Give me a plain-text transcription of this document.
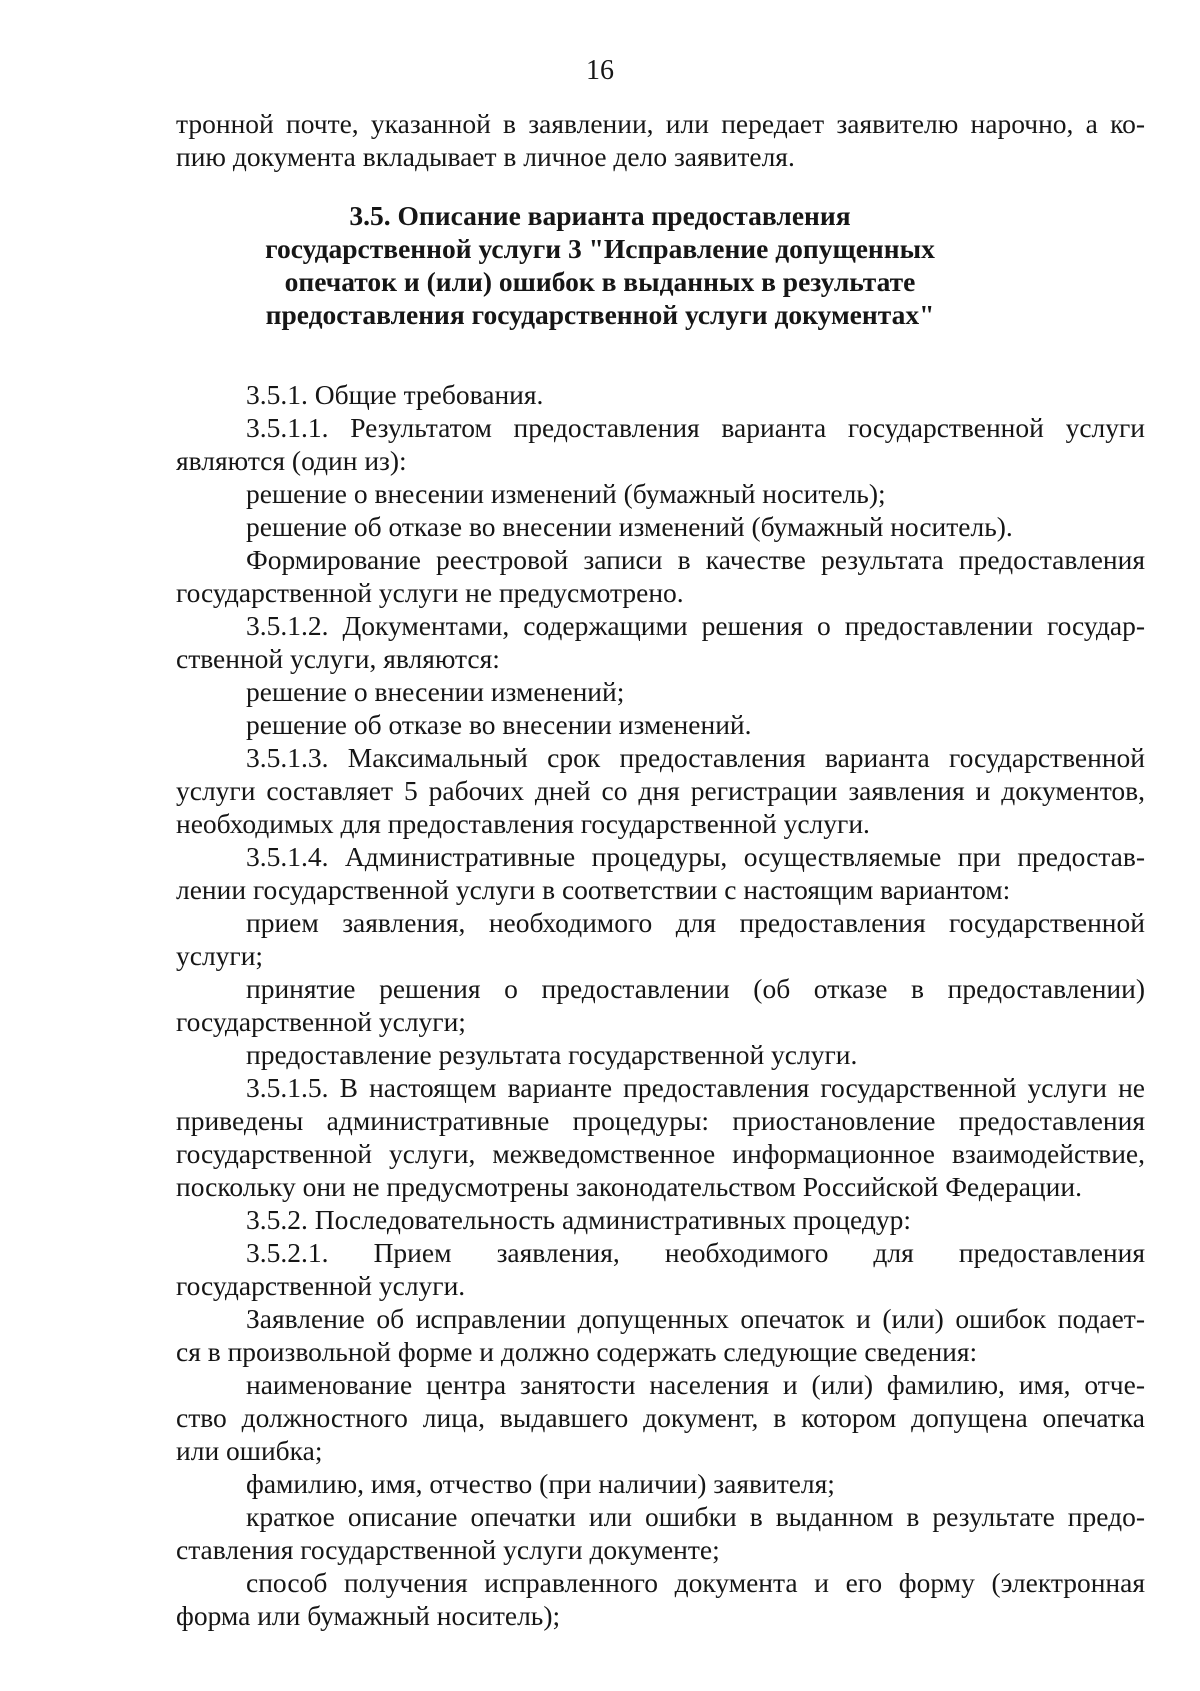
16
тронной почте, указанной в заявлении, или передает заявителю нарочно, а ко-
пию документа вкладывает в личное дело заявителя.
3.5. Описание варианта предоставления
государственной услуги 3 "Исправление допущенных
опечаток и (или) ошибок в выданных в результате
предоставления государственной услуги документах"
3.5.1. Общие требования.
3.5.1.1. Результатом предоставления варианта государственной услуги
являются (один из):
решение о внесении изменений (бумажный носитель);
решение об отказе во внесении изменений (бумажный носитель).
Формирование реестровой записи в качестве результата предоставления
государственной услуги не предусмотрено.
3.5.1.2. Документами, содержащими решения о предоставлении государ-
ственной услуги, являются:
решение о внесении изменений;
решение об отказе во внесении изменений.
3.5.1.3. Максимальный срок предоставления варианта государственной
услуги составляет 5 рабочих дней со дня регистрации заявления и документов,
необходимых для предоставления государственной услуги.
3.5.1.4. Административные процедуры, осуществляемые при предостав-
лении государственной услуги в соответствии с настоящим вариантом:
прием заявления, необходимого для предоставления государственной
услуги;
принятие решения о предоставлении (об отказе в предоставлении)
государственной услуги;
предоставление результата государственной услуги.
3.5.1.5. В настоящем варианте предоставления государственной услуги не
приведены административные процедуры: приостановление предоставления
государственной услуги, межведомственное информационное взаимодействие,
поскольку они не предусмотрены законодательством Российской Федерации.
3.5.2. Последовательность административных процедур:
3.5.2.1. Прием заявления, необходимого для предоставления
государственной услуги.
Заявление об исправлении допущенных опечаток и (или) ошибок подает-
ся в произвольной форме и должно содержать следующие сведения:
наименование центра занятости населения и (или) фамилию, имя, отче-
ство должностного лица, выдавшего документ, в котором допущена опечатка
или ошибка;
фамилию, имя, отчество (при наличии) заявителя;
краткое описание опечатки или ошибки в выданном в результате предо-
ставления государственной услуги документе;
способ получения исправленного документа и его форму (электронная
форма или бумажный носитель);
